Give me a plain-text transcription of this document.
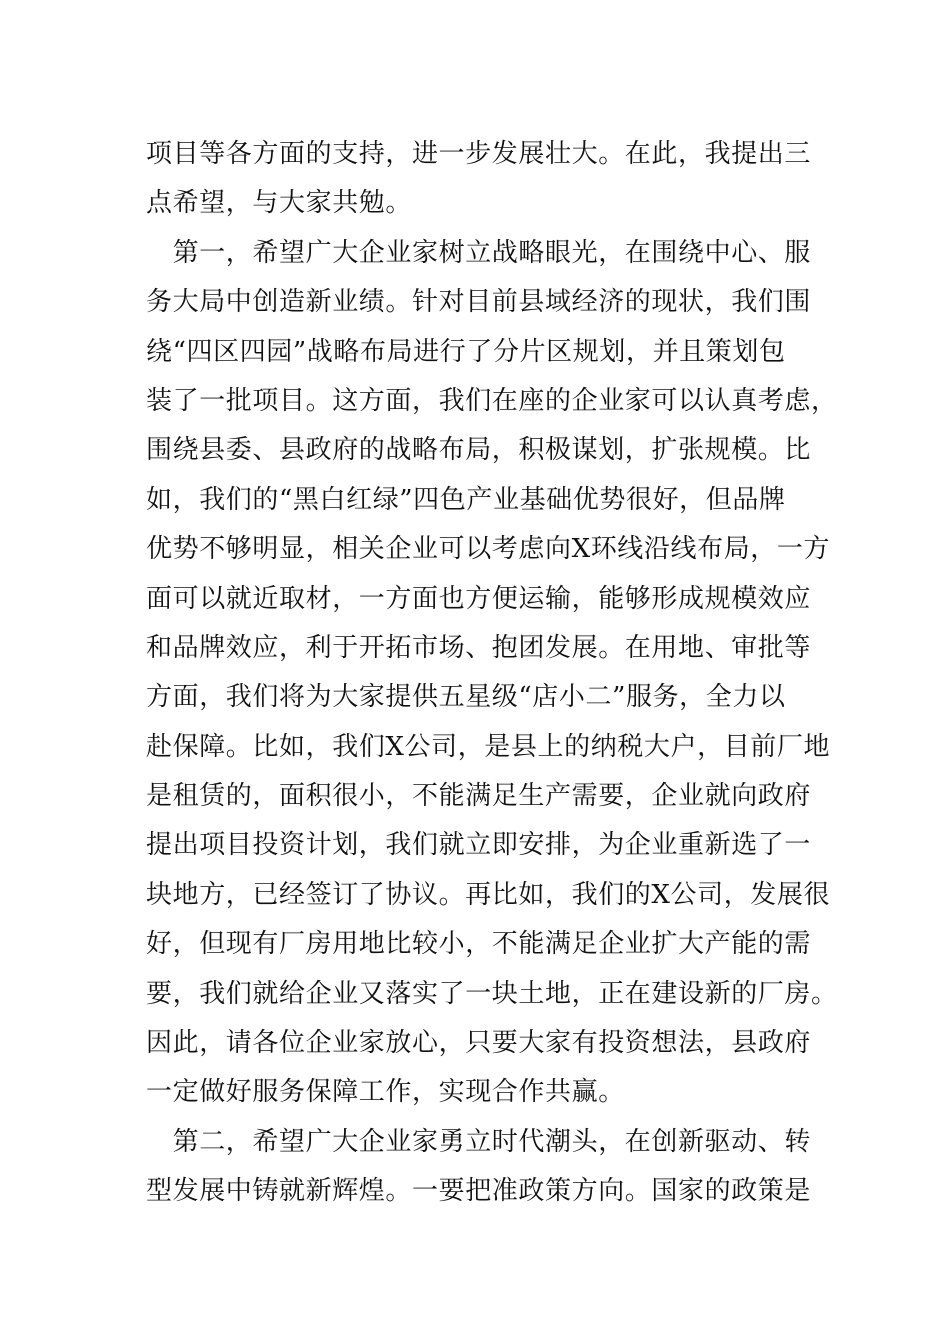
项目等各方面的支持，进一步发展壮大。在此，我提出三
点希望，与大家共勉。
　第一，希望广大企业家树立战略眼光，在围绕中心、服
务大局中创造新业绩。针对目前县域经济的现状，我们围
绕“四区四园”战略布局进行了分片区规划，并且策划包
装了一批项目。这方面，我们在座的企业家可以认真考虑，
围绕县委、县政府的战略布局，积极谋划，扩张规模。比
如，我们的“黑白红绿”四色产业基础优势很好，但品牌
优势不够明显，相关企业可以考虑向X环线沿线布局，一方
面可以就近取材，一方面也方便运输，能够形成规模效应
和品牌效应，利于开拓市场、抱团发展。在用地、审批等
方面，我们将为大家提供五星级“店小二”服务，全力以
赴保障。比如，我们X公司，是县上的纳税大户，目前厂地
是租赁的，面积很小，不能满足生产需要，企业就向政府
提出项目投资计划，我们就立即安排，为企业重新选了一
块地方，已经签订了协议。再比如，我们的X公司，发展很
好，但现有厂房用地比较小，不能满足企业扩大产能的需
要，我们就给企业又落实了一块土地，正在建设新的厂房。
因此，请各位企业家放心，只要大家有投资想法，县政府
一定做好服务保障工作，实现合作共赢。
　第二，希望广大企业家勇立时代潮头，在创新驱动、转
型发展中铸就新辉煌。一要把准政策方向。国家的政策是
